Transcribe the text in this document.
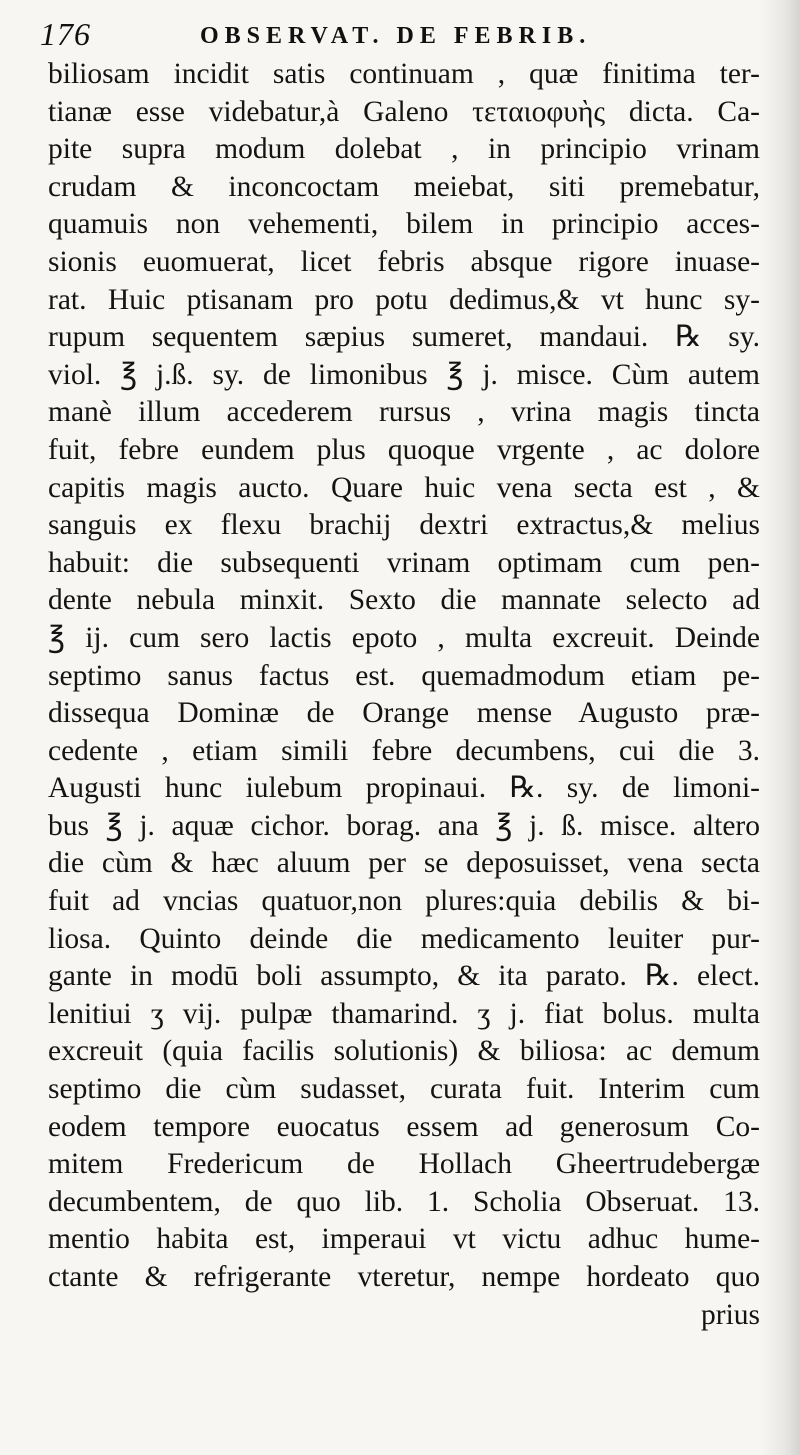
176	OBSERVAT. DE FEBRIB.
biliosam incidit satis continuam , quæ finitima ter-
tianæ esse videbatur,à Galeno τεταιοφυὴς dicta. Ca-
pite supra modum dolebat , in principio vrinam
crudam & inconcoctam meiebat, siti premebatur,
quamuis non vehementi, bilem in principio acces-
sionis euomuerat, licet febris absque rigore inuase-
rat. Huic ptisanam pro potu dedimus,& vt hunc sy-
rupum sequentem sæpius sumeret, mandaui. ℞ sy.
viol. ℥ j.ß. sy. de limonibus ℥ j. misce. Cùm autem
manè illum accederem rursus , vrina magis tincta
fuit, febre eundem plus quoque vrgente , ac dolore
capitis magis aucto. Quare huic vena secta est , &
sanguis ex flexu brachij dextri extractus,& melius
habuit: die subsequenti vrinam optimam cum pen-
dente nebula minxit. Sexto die mannate selecto ad
℥ ij. cum sero lactis epoto , multa excreuit. Deinde
septimo sanus factus est. quemadmodum etiam pe-
dissequa Dominæ de Orange mense Augusto præ-
cedente , etiam simili febre decumbens, cui die 3.
Augusti hunc iulebum propinaui. ℞. sy. de limoni-
bus ℥ j. aquæ cichor. borag. ana ℥ j. ß. misce. altero
die cùm & hæc aluum per se deposuisset, vena secta
fuit ad vncias quatuor,non plures:quia debilis & bi-
liosa. Quinto deinde die medicamento leuiter pur-
gante in modū boli assumpto, & ita parato. ℞. elect.
lenitiui ʒ vij. pulpæ thamarind. ʒ j. fiat bolus. multa
excreuit (quia facilis solutionis) & biliosa: ac demum
septimo die cùm sudasset, curata fuit. Interim cum
eodem tempore euocatus essem ad generosum Co-
mitem Fredericum de Hollach Gheertrudebergæ
decumbentem, de quo lib. 1. Scholia Obseruat. 13.
mentio habita est, imperaui vt victu adhuc hume-
ctante & refrigerante vteretur, nempe hordeato quo
prius
